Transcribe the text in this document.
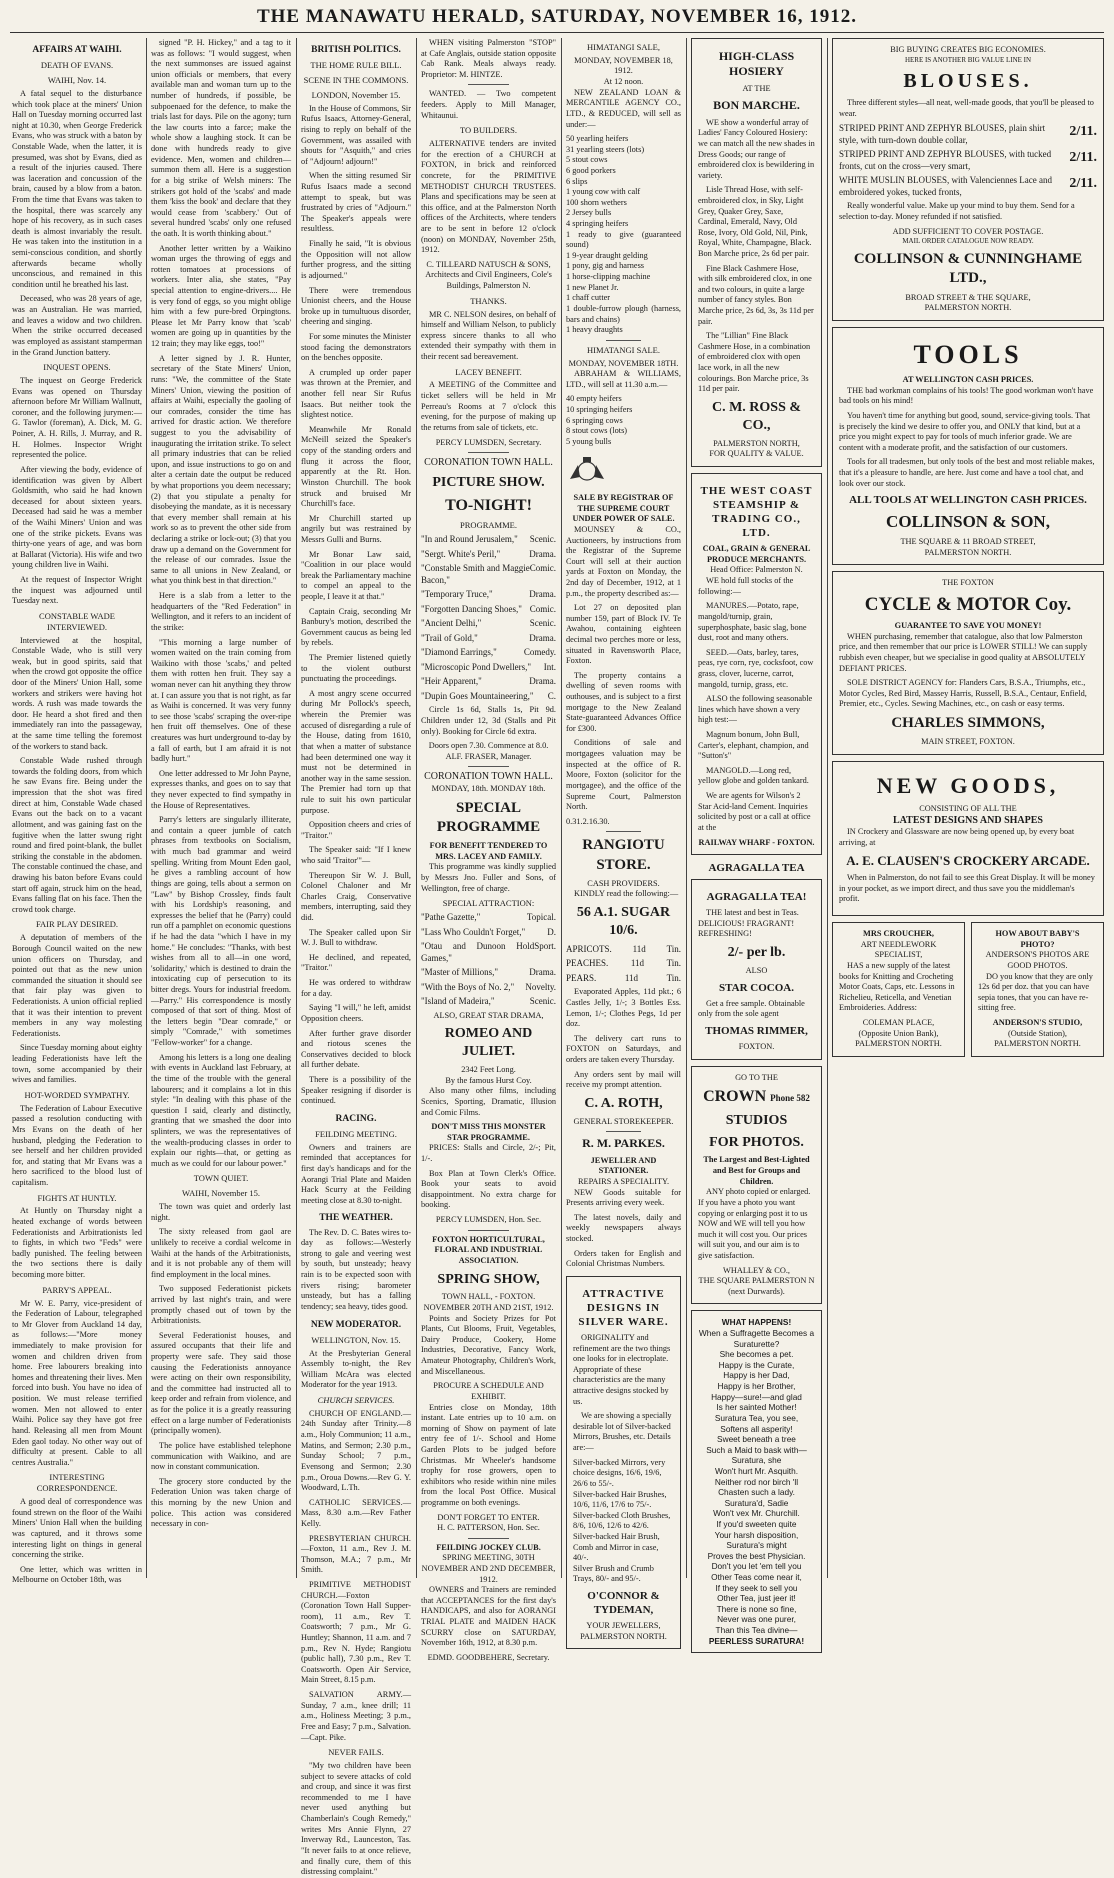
THE MANAWATU HERALD, SATURDAY, NOVEMBER 16, 1912.
AFFAIRS AT WAIHI.
DEATH OF EVANS.
WAIHI, Nov. 14.

A fatal sequel to the disturbance which took place at the miners' Union Hall on Tuesday morning occurred last night at 10.30, when George Frederick Evans, who was struck with a baton by Constable Wade, when the latter, it is presumed, was shot by Evans, died as a result of the injuries caused. There was laceration and concussion of the brain, caused by a blow from a baton. From the time that Evans was taken to the hospital, there was scarcely any hope of his recovery, as in such cases death is almost invariably the result. He was taken into the institution in a semi-conscious condition, and shortly afterwards became wholly unconscious, and remained in this condition until he breathed his last.

Deceased, who was 28 years of age, was an Australian. He was married, and leaves a widow and two children. When the strike occurred deceased was employed as assistant stamperman in the Grand Junction battery.

INQUEST OPENS.

The inquest on George Frederick Evans was opened on Thursday afternoon before Mr William Wallnutt, coroner, and the following jurymen:—G. Tawlor (foreman), A. Dick, M. G. Poiner, A. H. Rills, J. Murray, and R. H. Holmes. Inspector Wright represented the police.

After viewing the body, evidence of identification was given by Albert Goldsmith, who said he had known deceased for about sixteen years. Deceased had said he was a member of the Waihi Miners' Union and was one of the strike pickets. Evans was thirty-one years of age, and was born at Ballarat (Victoria). His wife and two young children live in Waihi.

At the request of Inspector Wright the inquest was adjourned until Tuesday next.

CONSTABLE WADE INTERVIEWED.

Interviewed at the hospital, Constable Wade, who is still very weak, but in good spirits, said that when the crowd got opposite the office door of the Miners' Union Hall, some workers and strikers were having hot words. A rush was made towards the door. He heard a shot fired and then immediately ran into the passageway, at the same time telling the foremost of the workers to stand back.

Constable Wade rushed through towards the folding doors, from which he saw Evans fire. Being under the impression that the shot was fired direct at him, Constable Wade chased Evans out the back on to a vacant allotment, and was gaining fast on the fugitive when the latter swung right round and fired point-blank, the bullet striking the constable in the abdomen. The constable continued the chase, and drawing his baton before Evans could start off again, struck him on the head, Evans falling flat on his face. Then the crowd took charge.

FAIR PLAY DESIRED.

A deputation of members of the Borough Council waited on the new union officers on Thursday, and pointed out that as the new union commanded the situation it should see that fair play was given to Federationists. A union official replied that it was their intention to prevent members in any way molesting Federationists.

Since Tuesday morning about eighty leading Federationists have left the town, some accompanied by their wives and families.

HOT-WORDED SYMPATHY.

The Federation of Labour Executive passed a resolution conducting with Mrs Evans on the death of her husband, pledging the Federation to see herself and her children provided for, and stating that Mr Evans was a hero sacrificed to the blood lust of capitalism.

FIGHTS AT HUNTLY.

At Huntly on Thursday night a heated exchange of words between Federationists and Arbitrationists led to fights, in which two "Feds" were badly punished. The feeling between the two sections there is daily becoming more bitter.

PARRY'S APPEAL.

Mr W. E. Parry, vice-president of the Federation of Labour, telegraphed to Mr Glover from Auckland 14 day, as follows:—"More money immediately to make provision for women and children driven from home. Free labourers breaking into homes and threatening their lives. Men forced into bush. You have no idea of position. We must release terrified women. Men not allowed to enter Waihi. Police say they have got free hand. Releasing all men from Mount Eden gaol today. No other way out of difficulty at present. Cable to all centres Australia."

INTERESTING CORRESPONDENCE.

A good deal of correspondence was found strewn on the floor of the Waihi Miners' Union Hall when the building was captured, and it throws some interesting light on things in general concerning the strike.

One letter, which was written in Melbourne on October 18th, was

signed "P. H. Hickey," and a tag to it was as follows: "I would suggest, when the next summonses are issued against union officials or members, that every available man and woman turn up to the number of hundreds, if possible, be subpoenaed for the defence, to make the trials last for days. Pile on the agony; turn the law courts into a farce; make the whole show a laughing stock. It can be done with hundreds ready to give evidence. Men, women and children—summon them all. Here is a suggestion for a big strike of Welsh miners: The strikers got hold of the 'scabs' and made them 'kiss the book' and declare that they would cease from 'scabbery.' Out of several hundred 'scabs' only one refused the oath. It is worth thinking about."

Another letter written by a Waikino woman urges the throwing of eggs and rotten tomatoes at processions of workers. Inter alia, she states, "Pay special attention to engine-drivers.... He is very fond of eggs, so you might oblige him with a few pure-bred Orpingtons. Please let Mr Parry know that 'scab' women are going up in quantities by the 12 train; they may like eggs, too!"

A letter signed by J. R. Hunter, secretary of the State Miners' Union, runs: "We, the committee of the State Miners' Union, viewing the position of affairs at Waihi, especially the gaoling of our comrades, consider the time has arrived for drastic action. We therefore suggest to you the advisability of inaugurating the irritation strike. To select all primary industries that can be relied upon, and issue instructions to go on and alter a certain date the output be reduced by what proportions you deem necessary; (2) that you stipulate a penalty for disobeying the mandate, as it is necessary that every member shall remain at his work so as to prevent the other side from declaring a strike or lock-out; (3) that you draw up a demand on the Government for the release of our comrades. Issue the same to all unions in New Zealand, or what you think best in that direction."

Here is a slab from a letter to the headquarters of the "Red Federation" in Wellington, and it refers to an incident of the strike:

"This morning a large number of women waited on the train coming from Waikino with those 'scabs,' and pelted them with rotten hen fruit. They say a woman never can hit anything they throw at. I can assure you that is not right, as far as Waihi is concerned. It was very funny to see those 'scabs' scraping the over-ripe hen fruit off themselves. One of these creatures was hurt underground to-day by a fall of earth, but I am afraid it is not badly hurt."

One letter addressed to Mr John Payne, expresses thanks, and goes on to say that they never expected to find sympathy in the House of Representatives.

Parry's letters are singularly illiterate, and contain a queer jumble of catch phrases from textbooks on Socialism, with much bad grammar and weird spelling. Writing from Mount Eden gaol, he gives a rambling account of how things are going, tells about a sermon on "Law" by Bishop Crossley, finds fault with his Lordship's reasoning, and expresses the belief that he (Parry) could run off a pamphlet on economic questions if he had the data "which I have in my home." He concludes: "Thanks, with best wishes from all to all—in one word, 'solidarity,' which is destined to drain the intoxicating cup of persecution to its bitter dregs. Yours for industrial freedom.—Parry." His correspondence is mostly composed of that sort of thing. Most of the letters begin "Dear comrade," or simply "Comrade," with sometimes "Fellow-worker" for a change.

Among his letters is a long one dealing with events in Auckland last February, at the time of the trouble with the general labourers; and it complains a lot in this style: "In dealing with this phase of the question I said, clearly and distinctly, granting that we smashed the door into splinters, we was the representatives of the wealth-producing classes in order to explain our rights—that, or getting as much as we could for our labour power."

TOWN QUIET.
WAIHI, November 15.

The town was quiet and orderly last night.

The sixty released from gaol are unlikely to receive a cordial welcome in Waihi at the hands of the Arbitrationists, and it is not probable any of them will find employment in the local mines.

Two supposed Federationist pickets arrived by last night's train, and were promptly chased out of town by the Arbitrationists.

Several Federationist houses, and assured occupants that their life and property were safe. They said those causing the Federationists annoyance were acting on their own responsibility, and the committee had instructed all to keep order and refrain from violence, and as for the police it is a greatly reassuring effect on a large number of Federationists (principally women).

The police have established telephone communication with Waikino, and are now in constant communication.

The grocery store conducted by the Federation Union was taken charge of this morning by the new Union and police. This action was considered necessary in con-

BRITISH POLITICS.
THE HOME RULE BILL.
SCENE IN THE COMMONS.
LONDON, November 15.

In the House of Commons, Sir Rufus Isaacs, Attorney-General, rising to reply on behalf of the Government, was assailed with shouts for "Asquith," and cries of "Adjourn! adjourn!"

When the sitting resumed Sir Rufus Isaacs made a second attempt to speak, but was frustrated by cries of "Adjourn." The Speaker's appeals were resultless.

Finally he said, "It is obvious the Opposition will not allow further progress, and the sitting is adjourned."

There were tremendous Unionist cheers, and the House broke up in tumultuous disorder, cheering and singing.

For some minutes the Minister stood facing the demonstrators on the benches opposite.

A crumpled up order paper was thrown at the Premier, and another fell near Sir Rufus Isaacs. But neither took the slightest notice.

Meanwhile Mr Ronald McNeill seized the Speaker's copy of the standing orders and flung it across the floor, apparently at the Rt. Hon. Winston Churchill. The book struck and bruised Mr Churchill's face.

Mr Churchill started up angrily but was restrained by Messrs Gulli and Burns.

Mr Bonar Law said, "Coalition in our place would break the Parliamentary machine to compel an appeal to the people, I leave it at that."

Captain Craig, seconding Mr Banbury's motion, described the Government caucus as being led by rebels.

The Premier listened quietly to the violent outburst punctuating the proceedings.

A most angry scene occurred during Mr Pollock's speech, wherein the Premier was accused of disregarding a rule of the House, dating from 1610, that when a matter of substance had been determined one way it must not be determined in another way in the same session. The Premier had torn up that rule to suit his own particular purpose.

Opposition cheers and cries of "Traitor."

The Speaker said: "If I knew who said 'Traitor'"—

Thereupon Sir W. J. Bull, Colonel Chaloner and Mr Charles Craig, Conservative members, interrupting, said they did.

The Speaker called upon Sir W. J. Bull to withdraw.

He declined, and repeated, "Traitor."

He was ordered to withdraw for a day.

Saying "I will," he left, amidst Opposition cheers.

After further grave disorder and riotous scenes the Conservatives decided to block all further debate.

There is a possibility of the Speaker resigning if disorder is continued.

RACING.
FEILDING MEETING.

Owners and trainers are reminded that acceptances for first day's handicaps and for the Aorangi Trial Plate and Maiden Hack Scurry at the Feilding meeting close at 8.30 to-night.

THE WEATHER.

The Rev. D. C. Bates wires to-day as follows:—Westerly strong to gale and veering west by south, but unsteady; heavy rain is to be expected soon with rivers rising; barometer unsteady, but has a falling tendency; sea heavy, tides good.

NEW MODERATOR.
WELLINGTON, Nov. 15.

At the Presbyterian General Assembly to-night, the Rev William McAra was elected Moderator for the year 1913.

CHURCH SERVICES.

CHURCH OF ENGLAND.—24th Sunday after Trinity.—8 a.m., Holy Communion; 11 a.m., Matins, and Sermon; 2.30 p.m., Sunday School; 7 p.m., Evensong and Sermon; 2.30 p.m., Oroua Downs.—Rev G. Y. Woodward, L.Th.

CATHOLIC SERVICES.—Mass, 8.30 a.m.—Rev Father Kelly.

PRESBYTERIAN CHURCH.—Foxton, 11 a.m., Rev J. M. Thomson, M.A.; 7 p.m., Mr Smith.

PRIMITIVE METHODIST CHURCH.—Foxton (Coronation Town Hall Supper-room), 11 a.m., Rev T. Coatsworth; 7 p.m., Mr G. Huntley; Shannon, 11 a.m. and 7 p.m., Rev N. Hyde; Rangiotu (public hall), 7.30 p.m., Rev T. Coatsworth. Open Air Service, Main Street, 8.15 p.m.

SALVATION ARMY.—Sunday, 7 a.m., knee drill; 11 a.m., Holiness Meeting; 3 p.m., Free and Easy; 7 p.m., Salvation.—Capt. Pike.

NEVER FAILS.

"My two children have been subject to severe attacks of cold and croup, and since it was first recommended to me I have never used anything but Chamberlain's Cough Remedy," writes Mrs Annie Flynn, 27 Inverway Rd., Launceston, Tas. "It never fails to at once relieve, and finally cure, them of this distressing complaint."

WHEN visiting Palmerston "STOP" at Cafe Anglais, outside station opposite Cab Rank. Meals always ready. Proprietor: M. HINTZE.

WANTED. — Two competent feeders. Apply to Mill Manager, Whitaunui.

TO BUILDERS.

ALTERNATIVE tenders are invited for the erection of a CHURCH at FOXTON, in brick and reinforced concrete, for the PRIMITIVE METHODIST CHURCH TRUSTEES. Plans and specifications may be seen at this office, and at the Palmerston North offices of the Architects, where tenders are to be sent in before 12 o'clock (noon) on MONDAY, November 25th, 1912.

C. TILLEARD NATUSCH & SONS,
Architects and Civil Engineers, Cole's Buildings, Palmerston N.
THANKS.

MR C. NELSON desires, on behalf of himself and William Nelson, to publicly express sincere thanks to all who extended their sympathy with them in their recent sad bereavement.

LACEY BENEFIT.

A MEETING of the Committee and ticket sellers will be held in Mr Perreau's Rooms at 7 o'clock this evening, for the purpose of making up the returns from sale of tickets, etc.

PERCY LUMSDEN, Secretary.
CORONATION TOWN HALL.
PICTURE SHOW.
TO-NIGHT!
PROGRAMME.
"In and Round Jerusalem," Scenic.
"Sergt. White's Peril,"	Drama.
"Constable Smith and Maggie Bacon,"
Comic.
"Temporary Truce,"	Drama.
"Forgotten Dancing Shoes," Comic.
"Ancient Delhi,"	Scenic.
"Trail of Gold,"	Drama.
"Diamond Earrings,"	Comedy.
"Microscopic Pond Dwellers," Int.
"Heir Apparent,"	Drama.
"Dupin Goes Mountaineering," C.

Circle 1s 6d, Stalls 1s, Pit 9d. Children under 12, 3d (Stalls and Pit only). Booking for Circle 6d extra.

Doors open 7.30. Commence at 8.0.
ALF. FRASER, Manager.
CORONATION TOWN HALL.
MONDAY, 18th. MONDAY 18th.
SPECIAL PROGRAMME
FOR BENEFIT TENDERED TO MRS. LACEY AND FAMILY.

This programme was kindly supplied by Messrs Jno. Fuller and Sons, of Wellington, free of charge.

SPECIAL ATTRACTION:
"Pathe Gazette,"	Topical.
"Lass Who Couldn't Forget," D.
"Otau and Dunoon Hold Games,"
Sport.
"Master of Millions,"	Drama.
"With the Boys of No. 2," Novelty.
"Island of Madeira,"	Scenic.
ALSO, GREAT STAR DRAMA,
ROMEO AND JULIET.
2342 Feet Long.
By the famous Hurst Coy.

Also many other films, including Scenics, Sporting, Dramatic, Illusion and Comic Films.

DON'T MISS THIS MONSTER STAR PROGRAMME.

PRICES: Stalls and Circle, 2/-; Pit, 1/-.

Box Plan at Town Clerk's Office. Book your seats to avoid disappointment. No extra charge for booking.

PERCY LUMSDEN, Hon. Sec.
FOXTON HORTICULTURAL, FLORAL AND INDUSTRIAL ASSOCIATION.
SPRING SHOW,
TOWN HALL, - FOXTON.
NOVEMBER 20TH AND 21ST, 1912.

Points and Society Prizes for Pot Plants, Cut Blooms, Fruit, Vegetables, Dairy Produce, Cookery, Home Industries, Decorative, Fancy Work, Amateur Photography, Children's Work, and Miscellaneous.

PROCURE A SCHEDULE AND EXHIBIT.

Entries close on Monday, 18th instant. Late entries up to 10 a.m. on morning of Show on payment of late entry fee of 1/-. School and Home Garden Plots to be judged before Christmas. Mr Wheeler's handsome trophy for rose growers, open to exhibitors who reside within nine miles from the local Post Office. Musical programme on both evenings.

DON'T FORGET TO ENTER.
H. C. PATTERSON, Hon. Sec.
FEILDING JOCKEY CLUB.
SPRING MEETING, 30TH NOVEMBER AND 2ND DECEMBER, 1912.

OWNERS and Trainers are reminded that ACCEPTANCES for the first day's HANDICAPS, and also for AORANGI TRIAL PLATE and MAIDEN HACK SCURRY close on SATURDAY, November 16th, 1912, at 8.30 p.m.

EDMD. GOODBEHERE, Secretary.
HIMATANGI SALE,
MONDAY, NOVEMBER 18, 1912.
At 12 noon.

NEW ZEALAND LOAN & MERCANTILE AGENCY CO., LTD., & REDUCED, will sell as under:—

50 yearling heifers
31 yearling steers (lots)
5 stout cows
6 good porkers
6 slips
1 young cow with calf
100 shorn wethers
2 Jersey bulls
4 springing heifers
1 ready to give (guaranteed sound)
1 9-year draught gelding
1 pony, gig and harness
1 horse-clipping machine
1 new Planet Jr.
1 chaff cutter
1 double-furrow plough (harness, bars and chains)
1 heavy draughts
HIMATANGI SALE.
MONDAY, NOVEMBER 18TH.

ABRAHAM & WILLIAMS, LTD., will sell at 11.30 a.m.—

40 empty heifers
10 springing heifers
6 springing cows
8 stout cows (lots)
5 young bulls
SALE BY REGISTRAR OF THE SUPREME COURT UNDER POWER OF SALE.

MOUNSEY & CO., Auctioneers, by instructions from the Registrar of the Supreme Court will sell at their auction yards at Foxton on Monday, the 2nd day of December, 1912, at 1 p.m., the property described as:—

Lot 27 on deposited plan number 159, part of Block IV. Te Awahou, containing eighteen decimal two perches more or less, situated in Ravensworth Place, Foxton.

The property contains a dwelling of seven rooms with outhouses, and is subject to a first mortgage to the New Zealand State-guaranteed Advances Office for £300.

Conditions of sale and mortgagees valuation may be inspected at the office of R. Moore, Foxton (solicitor for the mortgagee), and the office of the Supreme Court, Palmerston North.

0.31.2.16.30.
RANGIOTU STORE.
CASH PROVIDERS.

KINDLY read the following:—

56 A.1. SUGAR 10/6.
APRICOTS. 11d Tin.
PEACHES.	11d	Tin.
PEARS.	11d	Tin.

Evaporated Apples, 11d pkt.; 6 Castles Jelly, 1/-; 3 Bottles Ess. Lemon, 1/-; Clothes Pegs, 1d per doz.

The delivery cart runs to FOXTON on Saturdays, and orders are taken every Thursday.

Any orders sent by mail will receive my prompt attention.

C. A. ROTH,
GENERAL STOREKEEPER.
R. M. PARKES.
JEWELLER AND STATIONER.
REPAIRS A SPECIALITY.

NEW Goods suitable for Presents arriving every week.

The latest novels, daily and weekly newspapers always stocked.

Orders taken for English and Colonial Christmas Numbers.

ATTRACTIVE DESIGNS IN SILVER WARE.

ORIGINALITY and refinement are the two things one looks for in electroplate. Appropriate of these characteristics are the many attractive designs stocked by us.

We are showing a specially desirable lot of Silver-backed Mirrors, Brushes, etc. Details are:—

Silver-backed Mirrors, very choice designs, 16/6, 19/6, 26/6 to 55/-.
Silver-backed Hair Brushes, 10/6, 11/6, 17/6 to 75/-.
Silver-backed Cloth Brushes, 8/6, 10/6, 12/6 to 42/6.
Silver-backed Hair Brush, Comb and Mirror in case, 40/-.
Silver Brush and Crumb Trays, 80/- and 95/-.
O'CONNOR & TYDEMAN,
YOUR JEWELLERS,
PALMERSTON NORTH.
HIGH-CLASS HOSIERY
AT THE
BON MARCHE.

WE show a wonderful array of Ladies' Fancy Coloured Hosiery: we can match all the new shades in Dress Goods; our range of embroidered clox is bewildering in variety.

Lisle Thread Hose, with self-embroidered clox, in Sky, Light Grey, Quaker Grey, Saxe, Cardinal, Emerald, Navy, Old Rose, Ivory, Old Gold, Nil, Pink, Royal, White, Champagne, Black. Bon Marche price, 2s 6d per pair.

Fine Black Cashmere Hose, with silk embroidered clox, in one and two colours, in quite a large number of fancy styles. Bon Marche price, 2s 6d, 3s, 3s 11d per pair.

The "Lillian" Fine Black Cashmere Hose, in a combination of embroidered clox with open lace work, in all the new colourings. Bon Marche price, 3s 11d per pair.

C. M. ROSS & CO.,
PALMERSTON NORTH,
FOR QUALITY & VALUE.
THE WEST COAST STEAMSHIP & TRADING CO., LTD.
COAL, GRAIN & GENERAL PRODUCE MERCHANTS.
Head Office: Palmerston N.

WE hold full stocks of the following:—

MANURES.—Potato, rape, mangold/turnip, grain, superphosphate, basic slag, bone dust, root and many others.

SEED.—Oats, barley, tares, peas, rye corn, rye, cocksfoot, cow grass, clover, lucerne, carrot, mangold, turnip, grass, etc.

ALSO the following seasonable lines which have shown a very high test:—

Magnum bonum, John Bull, Carter's, elephant, champion, and "Sutton's"

MANGOLD.—Long red, yellow globe and golden tankard.

We are agents for Wilson's 2 Star Acid-land Cement. Inquiries solicited by post or a call at office at the

RAILWAY WHARF - FOXTON.
AGRAGALLA TEA
AGRAGALLA TEA!

THE latest and best in Teas. DELICIOUS! FRAGRANT! REFRESHING!

2/- per lb.
ALSO
STAR COCOA.

Get a free sample. Obtainable only from the sole agent

THOMAS RIMMER,
FOXTON.
GO TO THE
CROWN Phone 582
STUDIOS
FOR PHOTOS.
The Largest and Best-Lighted and Best for Groups and Children.

ANY photo copied or enlarged. If you have a photo you want copying or enlarging post it to us NOW and WE will tell you how much it will cost you. Our prices will suit you, and our aim is to give satisfaction.

WHALLEY & CO.,
THE SQUARE PALMERSTON N
(next Durwards).
WHAT HAPPENS!
When a Suffragette Becomes a Suraturette?
She becomes a pet.
Happy is the Curate,
Happy is her Dad,
Happy is her Brother,
Happy—sure!—and glad
Is her sainted Mother!
Suratura Tea, you see,
Softens all asperity!
Sweet beneath a tree
Such a Maid to bask with—
Suratura, she
Won't hurt Mr. Asquith.
Neither rod nor birch 'll
Chasten such a lady.
Suratura'd, Sadie
Won't vex Mr. Churchill.
If you'd sweeten quite
Your harsh disposition,
Suratura's might
Proves the best Physician.
Don't you let 'em tell you
Other Teas come near it,
If they seek to sell you
Other Tea, just jeer it!
There is none so fine,
Never was one purer,
Than this Tea divine—
PEERLESS SURATURA!
BIG BUYING CREATES BIG ECONOMIES.
HERE IS ANOTHER BIG VALUE LINE IN
BLOUSES.

Three different styles—all neat, well-made goods, that you'll be pleased to wear.

STRIPED PRINT AND ZEPHYR BLOUSES, plain shirt style, with turn-down double collar,
2/11.
STRIPED PRINT AND ZEPHYR BLOUSES, with tucked fronts, cut on the cross—very smart,
2/11.
WHITE MUSLIN BLOUSES, with Valenciennes Lace and embroidered yokes, tucked fronts,
2/11.

Really wonderful value. Make up your mind to buy them. Send for a selection to-day. Money refunded if not satisfied.

ADD SUFFICIENT TO COVER POSTAGE.
MAIL ORDER CATALOGUE NOW READY.
COLLINSON & CUNNINGHAME LTD.,
BROAD STREET & THE SQUARE,
PALMERSTON NORTH.
TOOLS
AT WELLINGTON CASH PRICES.

THE bad workman complains of his tools! The good workman won't have bad tools on his mind!

You haven't time for anything but good, sound, service-giving tools. That is precisely the kind we desire to offer you, and ONLY that kind, but at a price you might expect to pay for tools of much inferior grade. We are content with a moderate profit, and the satisfaction of our customers.

Tools for all tradesmen, but only tools of the best and most reliable makes, that it's a pleasure to handle, are here. Just come and have a tool chat, and look over our stock.

ALL TOOLS AT WELLINGTON CASH PRICES.
COLLINSON & SON,
THE SQUARE & 11 BROAD STREET,
PALMERSTON NORTH.
THE FOXTON
CYCLE & MOTOR Coy.
GUARANTEE TO SAVE YOU MONEY!

WHEN purchasing, remember that catalogue, also that low Palmerston price, and then remember that our price is LOWER STILL! We can supply rubbish even cheaper, but we specialise in good quality at ABSOLUTELY DEFIANT PRICES.

SOLE DISTRICT AGENCY for: Flanders Cars, B.S.A., Triumphs, etc., Motor Cycles, Red Bird, Massey Harris, Russell, B.S.A., Centaur, Enfield, Premier, etc., Cycles. Sewing Machines, etc., on cash or easy terms.

CHARLES SIMMONS,
MAIN STREET, FOXTON.
NEW GOODS,
CONSISTING OF ALL THE
LATEST DESIGNS AND SHAPES

IN Crockery and Glassware are now being opened up, by every boat arriving, at

A. E. CLAUSEN'S CROCKERY ARCADE.

When in Palmerston, do not fail to see this Great Display. It will be money in your pocket, as we import direct, and thus save you the middleman's profit.

MRS CROUCHER,
ART NEEDLEWORK SPECIALIST,

HAS a new supply of the latest books for Knitting and Crocheting Motor Coats, Caps, etc. Lessons in Richelieu, Reticella, and Venetian Embroideries. Address:

COLEMAN PLACE,
(Opposite Union Bank),
PALMERSTON NORTH.
HOW ABOUT BABY'S PHOTO?
ANDERSON'S PHOTOS ARE GOOD PHOTOS.

DO you know that they are only 12s 6d per doz. that you can have sepia tones, that you can have re-sitting free.

ANDERSON'S STUDIO,
(Outside Station),
PALMERSTON NORTH.
